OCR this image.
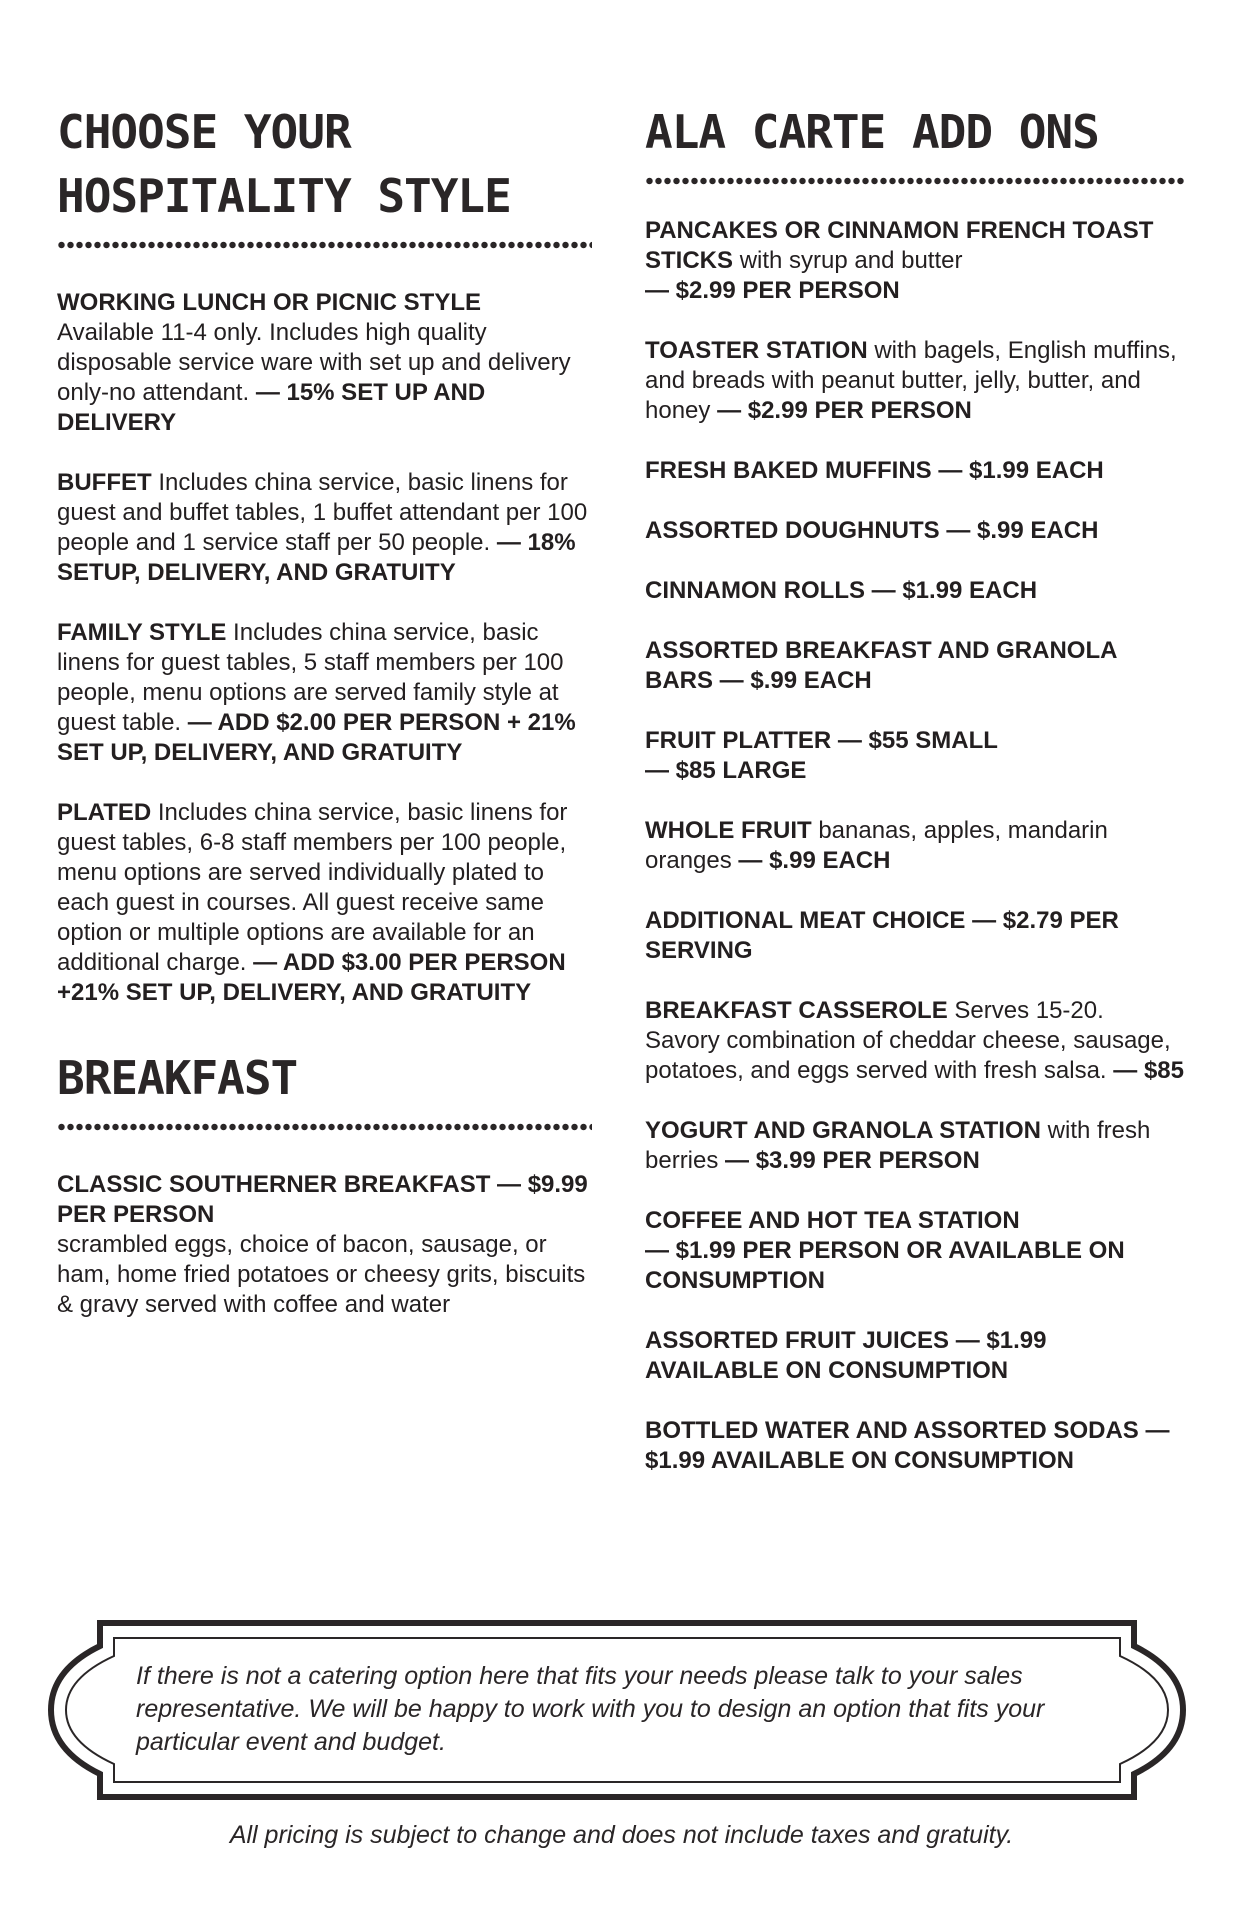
CHOOSE YOUR
HOSPITALITY STYLE

WORKING LUNCH OR PICNIC STYLE
Available 11-4 only. Includes high quality disposable service ware with set up and delivery only-no attendant. — 15% SET UP AND DELIVERY

BUFFET Includes china service, basic linens for guest and buffet tables, 1 buffet attendant per 100 people and 1 service staff per 50 people. — 18% SETUP, DELIVERY, AND GRATUITY

FAMILY STYLE Includes china service, basic linens for guest tables, 5 staff members per 100 people, menu options are served family style at guest table. — ADD $2.00 PER PERSON + 21% SET UP, DELIVERY, AND GRATUITY

PLATED Includes china service, basic linens for guest tables, 6-8 staff members per 100 people, menu options are served individually plated to each guest in courses. All guest receive same option or multiple options are available for an additional charge. — ADD $3.00 PER PERSON +21% SET UP, DELIVERY, AND GRATUITY

BREAKFAST

CLASSIC SOUTHERNER BREAKFAST — $9.99 PER PERSON
scrambled eggs, choice of bacon, sausage, or ham, home fried potatoes or cheesy grits, biscuits & gravy served with coffee and water

ALA CARTE ADD ONS

PANCAKES OR CINNAMON FRENCH TOAST STICKS with syrup and butter
— $2.99 PER PERSON

TOASTER STATION with bagels, English muffins, and breads with peanut butter, jelly, butter, and honey — $2.99 PER PERSON

FRESH BAKED MUFFINS — $1.99 EACH

ASSORTED DOUGHNUTS — $.99 EACH

CINNAMON ROLLS — $1.99 EACH

ASSORTED BREAKFAST AND GRANOLA BARS — $.99 EACH

FRUIT PLATTER — $55 SMALL
— $85 LARGE

WHOLE FRUIT bananas, apples, mandarin oranges — $.99 EACH

ADDITIONAL MEAT CHOICE — $2.79 PER SERVING

BREAKFAST CASSEROLE Serves 15-20. Savory combination of cheddar cheese, sausage, potatoes, and eggs served with fresh salsa. — $85

YOGURT AND GRANOLA STATION with fresh berries — $3.99 PER PERSON

COFFEE AND HOT TEA STATION
— $1.99 PER PERSON OR AVAILABLE ON CONSUMPTION

ASSORTED FRUIT JUICES — $1.99 AVAILABLE ON CONSUMPTION

BOTTLED WATER AND ASSORTED SODAS — $1.99 AVAILABLE ON CONSUMPTION

If there is not a catering option here that fits your needs please talk to your sales representative. We will be happy to work with you to design an option that fits your particular event and budget.
All pricing is subject to change and does not include taxes and gratuity.
